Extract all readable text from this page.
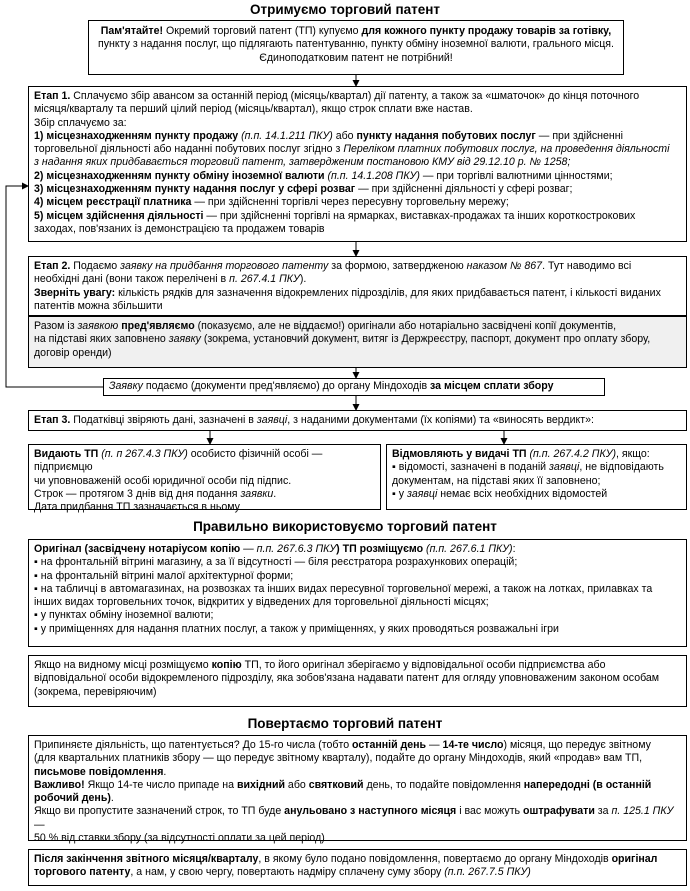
Отримуємо торговий патент
Пам'ятайте! Окремий торговий патент (ТП) купуємо для кожного пункту продажу товарів за готівку,
пункту з надання послуг, що підлягають патентуванню, пункту обміну іноземної валюти, грального місця.
Єдиноподатковим патент не потрібний!
Етап 1. Сплачуємо збір авансом за останній період (місяць/квартал) дії патенту, а також за «шматочок» до кінця поточного
місяця/кварталу та перший цілий період (місяць/квартал), якщо строк сплати вже настав.
Збір сплачуємо за:
1) місцезнаходженням пункту продажу (п.п. 14.1.211 ПКУ) або пункту надання побутових послуг — при здійсненні
торговельної діяльності або наданні побутових послуг згідно з Переліком платних побутових послуг, на проведення діяльності
з надання яких придбавається торговий патент, затвердженим постановою КМУ від 29.12.10 р. № 1258;
2) місцезнаходженням пункту обміну іноземної валюти (п.п. 14.1.208 ПКУ) — при торгівлі валютними цінностями;
3) місцезнаходженням пункту надання послуг у сфері розваг — при здійсненні діяльності у сфері розваг;
4) місцем реєстрації платника — при здійсненні торгівлі через пересувну торговельну мережу;
5) місцем здійснення діяльності — при здійсненні торгівлі на ярмарках, виставках-продажах та інших короткострокових
заходах, пов'язаних із демонстрацією та продажем товарів
Етап 2. Подаємо заявку на придбання торгового патенту за формою, затвердженою наказом № 867. Тут наводимо всі
необхідні дані (вони також перелічені в п. 267.4.1 ПКУ).
Зверніть увагу: кількість рядків для зазначення відокремлених підрозділів, для яких придбавається патент, і кількості виданих
патентів можна збільшити
Разом із заявкою пред'являємо (показуємо, але не віддаємо!) оригінали або нотаріально засвідчені копії документів,
на підставі яких заповнено заявку (зокрема, установчий документ, витяг із Держреєстру, паспорт, документ про оплату збору,
договір оренди)
Заявку подаємо (документи пред'являємо) до органу Міндоходів за місцем сплати збору
Етап 3. Податківці звіряють дані, зазначені в заявці, з наданими документами (їх копіями) та «виносять вердикт»:
Видають ТП (п. п 267.4.3 ПКУ) особисто фізичній особі — підприємцю
чи уповноваженій особі юридичної особи під підпис.
Строк — протягом 3 днів від дня подання заявки.
Дата придбання ТП зазначається в ньому
Відмовляють у видачі ТП (п.п. 267.4.2 ПКУ), якщо:
▪ відомості, зазначені в поданій заявці, не відповідають
документам, на підставі яких її заповнено;
▪ у заявці немає всіх необхідних відомостей
Правильно використовуємо торговий патент
Оригінал (засвідчену нотаріусом копію — п.п. 267.6.3 ПКУ) ТП розміщуємо (п.п. 267.6.1 ПКУ):
▪ на фронтальній вітрині магазину, а за її відсутності — біля реєстратора розрахункових операцій;
▪ на фронтальній вітрині малої архітектурної форми;
▪ на табличці в автомагазинах, на розвозках та інших видах пересувної торговельної мережі, а також на лотках, прилавках та
інших видах торговельних точок, відкритих у відведених для торговельної діяльності місцях;
▪ у пунктах обміну іноземної валюти;
▪ у приміщеннях для надання платних послуг, а також у приміщеннях, у яких проводяться розважальні ігри
Якщо на видному місці розміщуємо копію ТП, то його оригінал зберігаємо у відповідальної особи підприємства або
відповідальної особи відокремленого підрозділу, яка зобов'язана надавати патент для огляду уповноваженим законом особам
(зокрема, перевіряючим)
Повертаємо торговий патент
Припиняєте діяльність, що патентується? До 15-го числа (тобто останній день — 14-те число) місяця, що передує звітному
(для квартальних платників збору — що передує звітному кварталу), подайте до органу Міндоходів, який «продав» вам ТП,
письмове повідомлення.
Важливо! Якщо 14-те число припаде на вихідний або святковий день, то подайте повідомлення напередодні (в останній
робочий день).
Якщо ви пропустите зазначений строк, то ТП буде анульовано з наступного місяця і вас можуть оштрафувати за п. 125.1 ПКУ —
50 % від ставки збору (за відсутності оплати за цей період)
Після закінчення звітного місяця/кварталу, в якому було подано повідомлення, повертаємо до органу Міндоходів оригінал
торгового патенту, а нам, у свою чергу, повертають надміру сплачену суму збору (п.п. 267.7.5 ПКУ)
